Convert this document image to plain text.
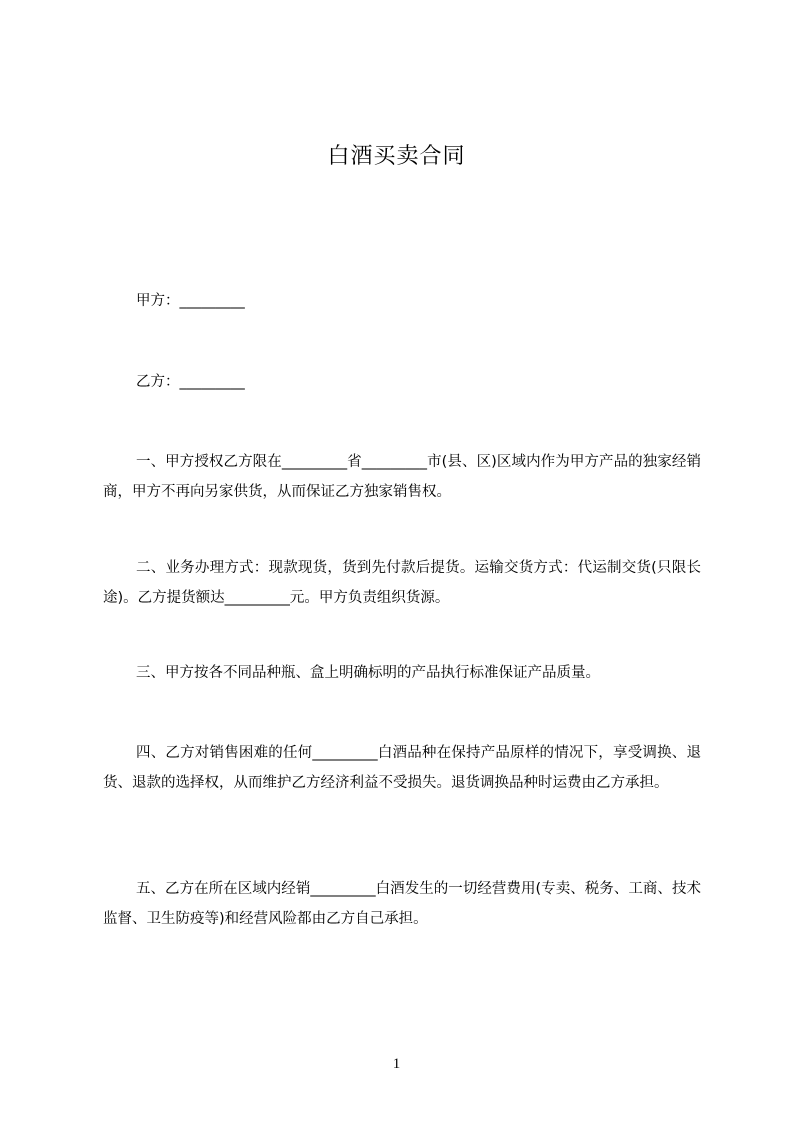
白酒买卖合同
甲方：_________
乙方：_________
一、甲方授权乙方限在_________省_________市(县、区)区域内作为甲方产品的独家经销商，甲方不再向另家供货，从而保证乙方独家销售权。
二、业务办理方式：现款现货，货到先付款后提货。运输交货方式：代运制交货(只限长途)。乙方提货额达_________元。甲方负责组织货源。
三、甲方按各不同品种瓶、盒上明确标明的产品执行标准保证产品质量。
四、乙方对销售困难的任何_________白酒品种在保持产品原样的情况下，享受调换、退货、退款的选择权，从而维护乙方经济利益不受损失。退货调换品种时运费由乙方承担。
五、乙方在所在区域内经销_________白酒发生的一切经营费用(专卖、税务、工商、技术监督、卫生防疫等)和经营风险都由乙方自己承担。
1
